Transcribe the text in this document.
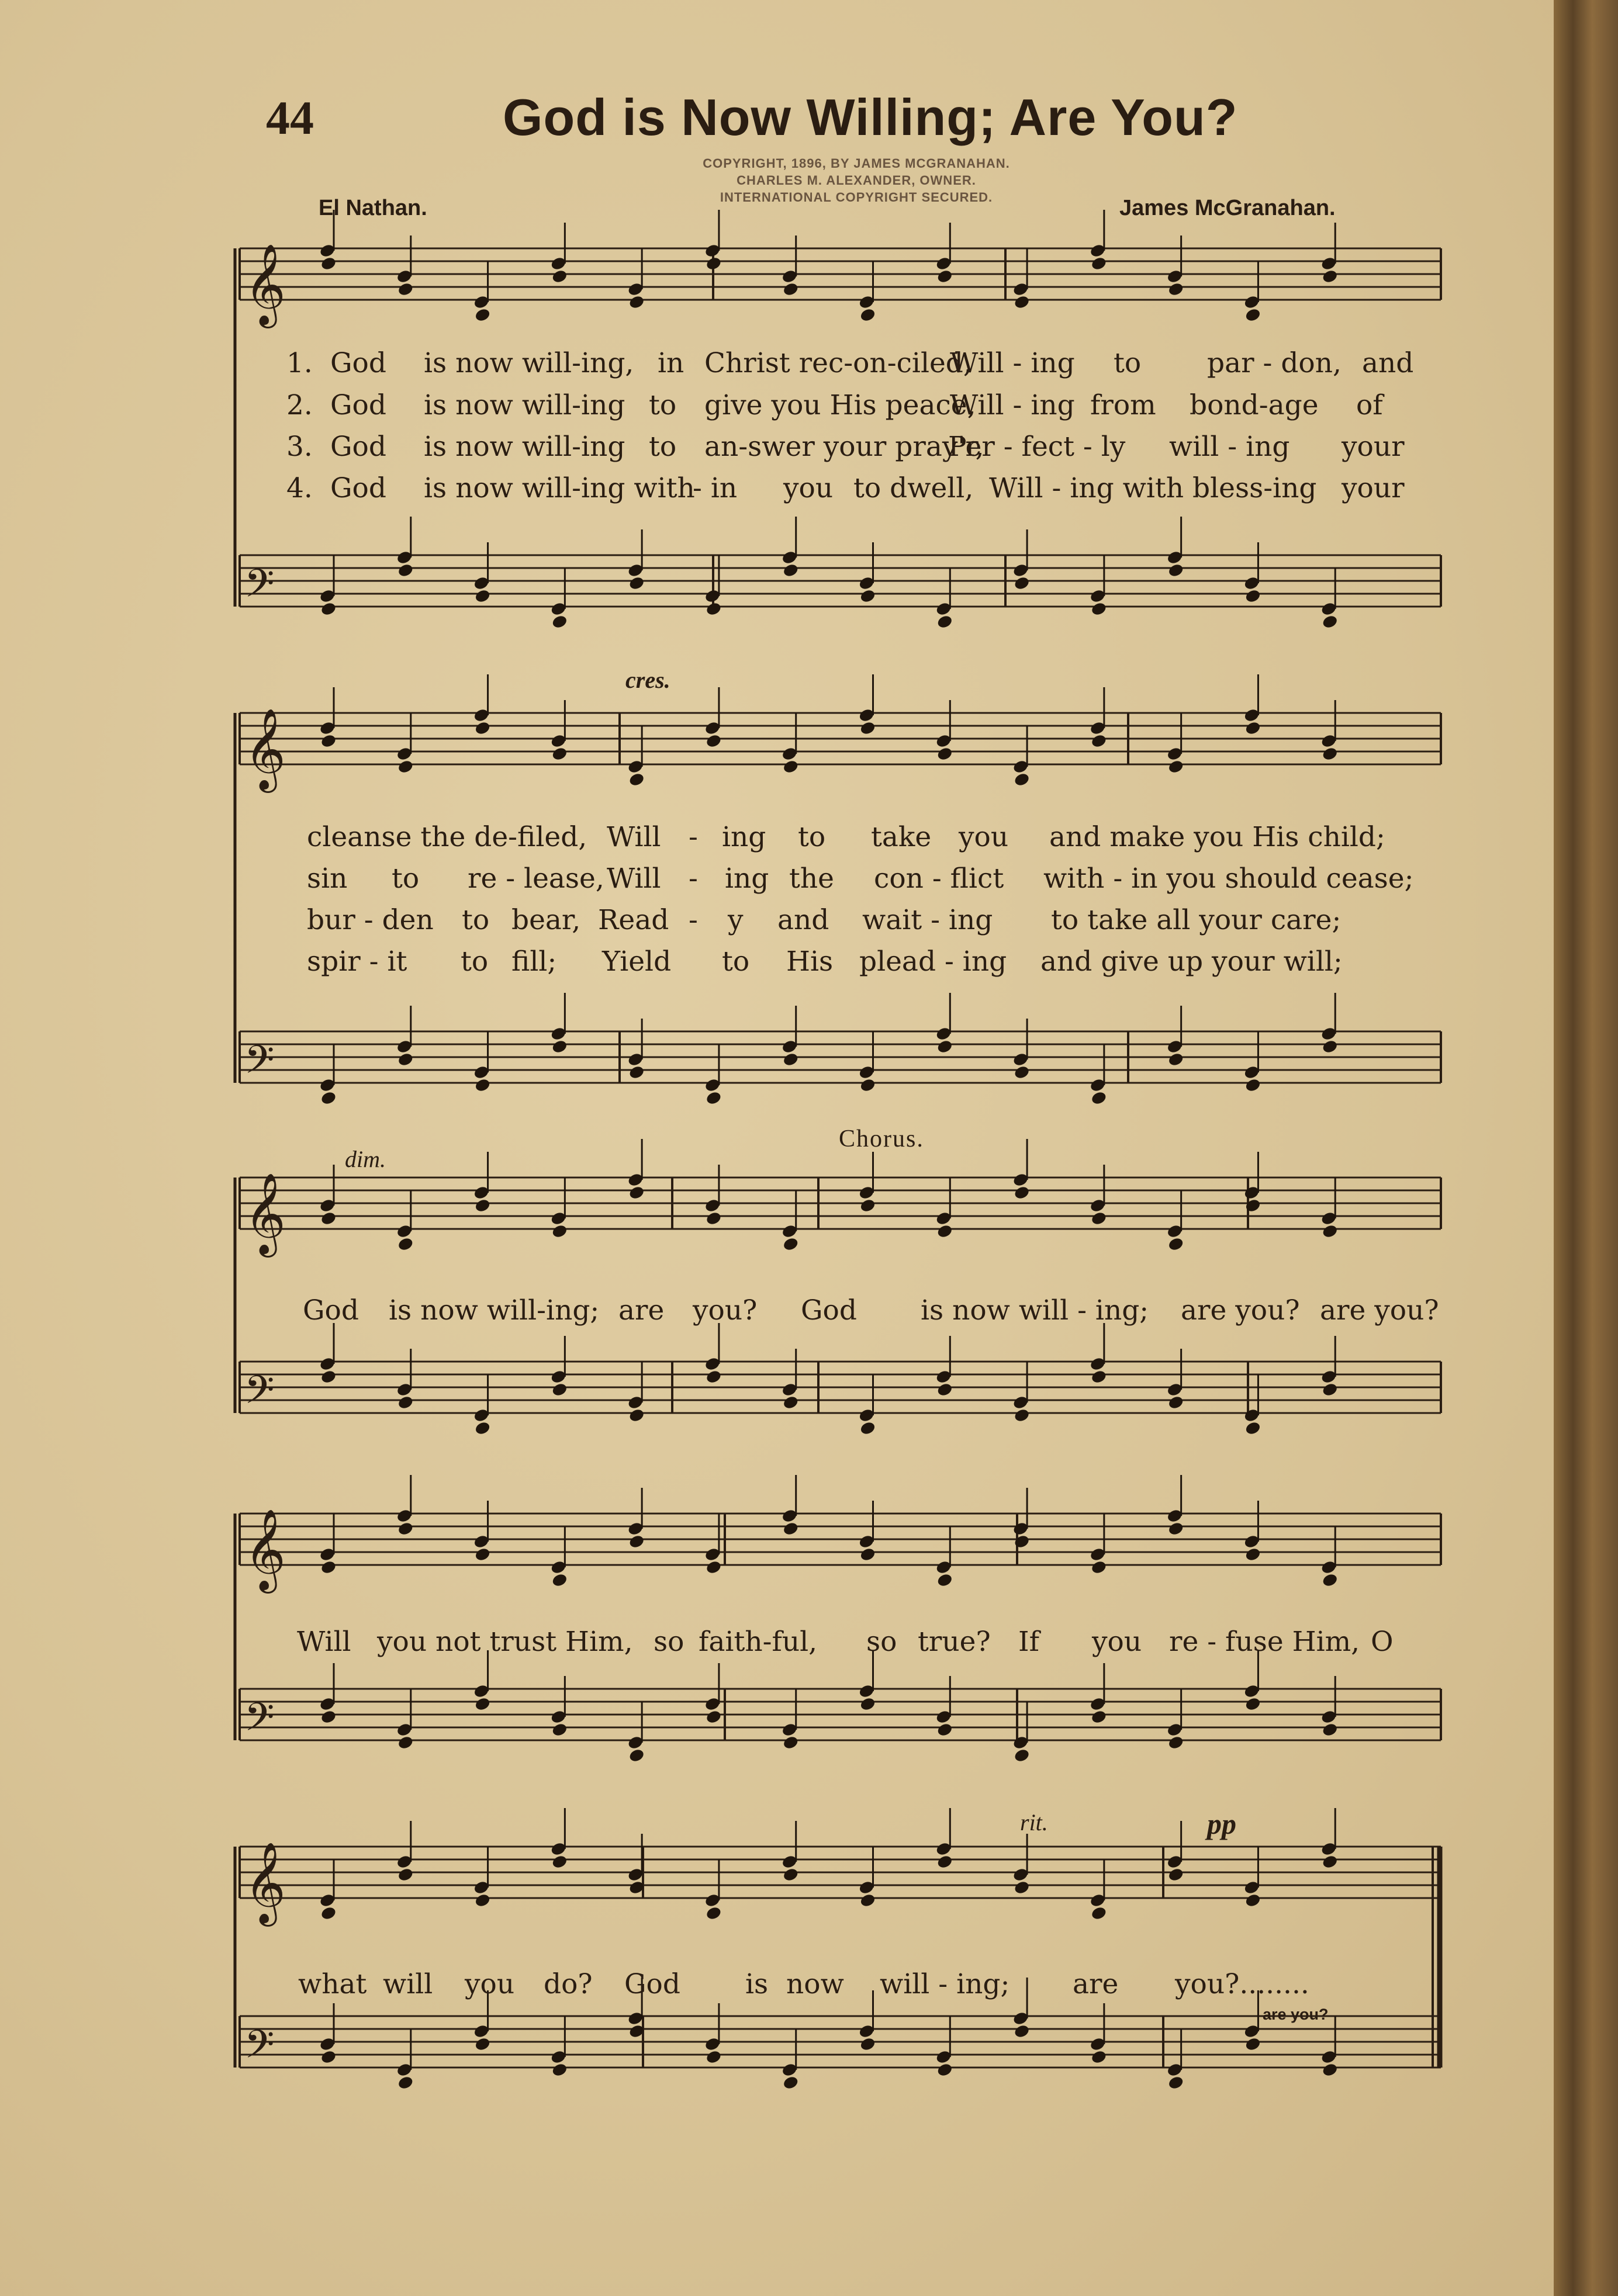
44	God is Now Willing; Are You?
COPYRIGHT, 1896, BY JAMES MCGRANAHAN.
CHARLES M. ALEXANDER, OWNER.
INTERNATIONAL COPYRIGHT SECURED.
El Nathan.	James McGranahan.
𝄞
𝄢
𝄞
𝄢
𝄞
𝄢
𝄞
𝄢
𝄞
𝄢
cres.
dim.
Chorus.
rit.	pp
1. God is now will-ing, in Christ rec-on-ciled,
Will - ing to par - don, and
2. God is now will-ing to give you His peace,
Will - ing from bond-age of
3. God is now will-ing to an-swer your pray'r,
Per - fect - ly will - ing your
4. God is now will-ing with
- in you to dwell, Will - ing with bless-ing your
cleanse the de-filed, Will - ing to take you and make you His child;
sin to re - lease, Will - ing the con - flict with - in you should cease;
bur - den to bear, Read - y and wait - ing to take all your care;
spir - it to fill; Yield to His plead - ing and give up your will;
God is now will-ing; are you? God is now will - ing; are you? are you?
Will you not trust Him, so faith-ful, so true? If you re - fuse Him, O
what will you do? God is now will - ing; are you?........
are you?
